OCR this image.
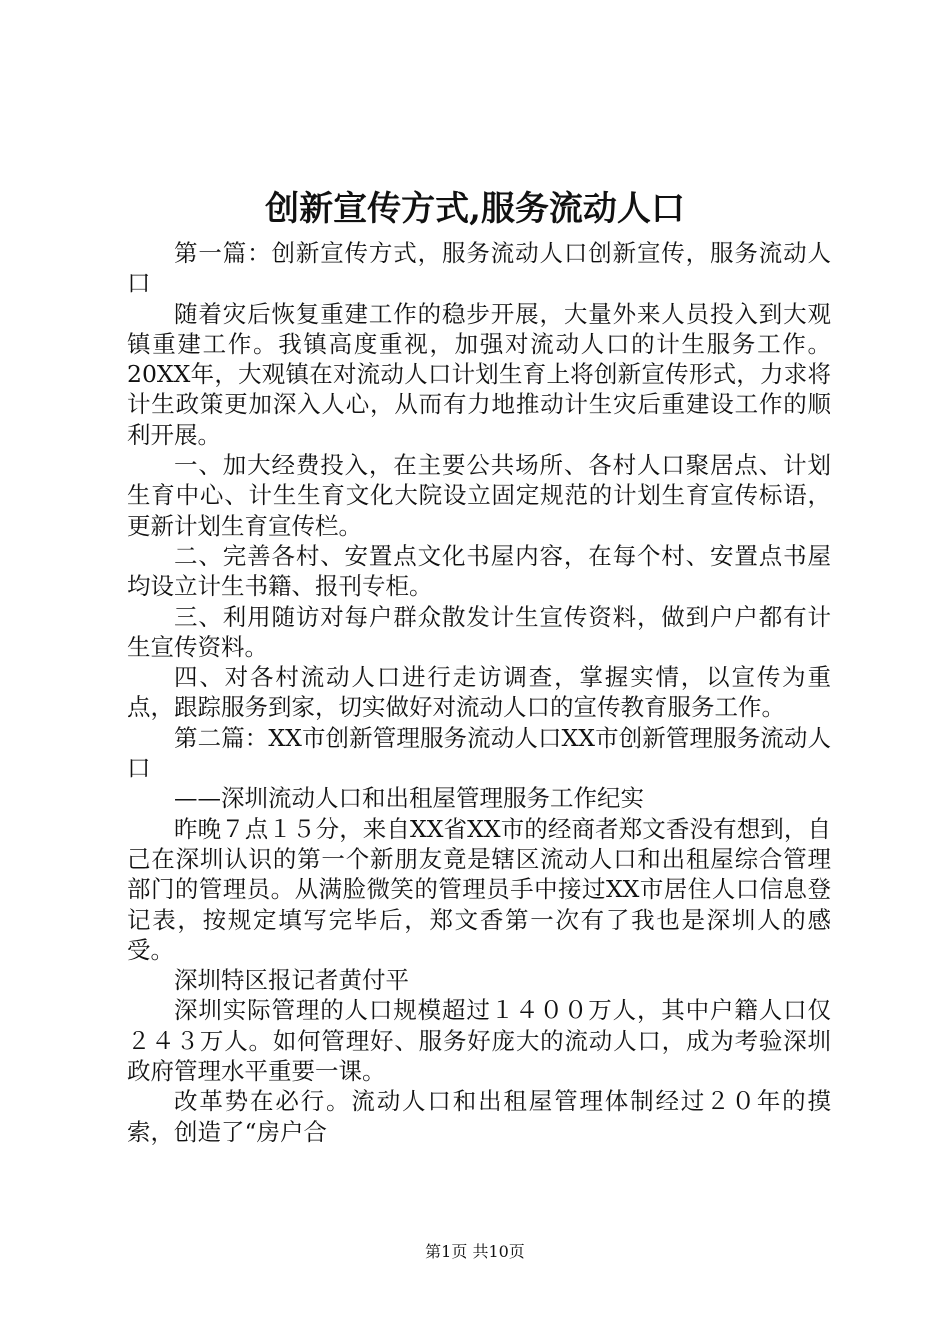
创新宣传方式,服务流动人口

第一篇：创新宣传方式，服务流动人口创新宣传，服务流动人口

随着灾后恢复重建工作的稳步开展，大量外来人员投入到大观镇重建工作。我镇高度重视，加强对流动人口的计生服务工作。20XX年，大观镇在对流动人口计划生育上将创新宣传形式，力求将计生政策更加深入人心，从而有力地推动计生灾后重建设工作的顺利开展。

一、加大经费投入，在主要公共场所、各村人口聚居点、计划生育中心、计生生育文化大院设立固定规范的计划生育宣传标语，更新计划生育宣传栏。

二、完善各村、安置点文化书屋内容，在每个村、安置点书屋均设立计生书籍、报刊专柜。

三、利用随访对每户群众散发计生宣传资料，做到户户都有计生宣传资料。

四、对各村流动人口进行走访调查，掌握实情，以宣传为重点，跟踪服务到家，切实做好对流动人口的宣传教育服务工作。

第二篇：XX市创新管理服务流动人口XX市创新管理服务流动人口

——深圳流动人口和出租屋管理服务工作纪实

昨晚７点１５分，来自XX省XX市的经商者郑文香没有想到，自己在深圳认识的第一个新朋友竟是辖区流动人口和出租屋综合管理部门的管理员。从满脸微笑的管理员手中接过XX市居住人口信息登记表，按规定填写完毕后，郑文香第一次有了我也是深圳人的感受。

深圳特区报记者黄付平

深圳实际管理的人口规模超过１４００万人，其中户籍人口仅２４３万人。如何管理好、服务好庞大的流动人口，成为考验深圳政府管理水平重要一课。

改革势在必行。流动人口和出租屋管理体制经过２０年的摸索，创造了“房户合

第1页 共10页
